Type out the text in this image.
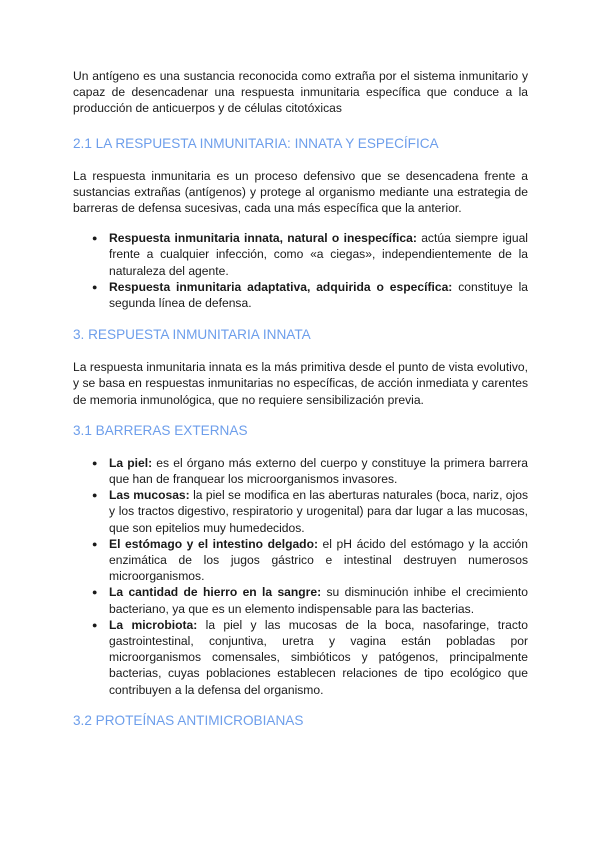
Un antígeno es una sustancia reconocida como extraña por el sistema inmunitario y capaz de desencadenar una respuesta inmunitaria específica que conduce a la producción de anticuerpos y de células citotóxicas

2.1 LA RESPUESTA INMUNITARIA: INNATA Y ESPECÍFICA

La respuesta inmunitaria es un proceso defensivo que se desencadena frente a sustancias extrañas (antígenos) y protege al organismo mediante una estrategia de barreras de defensa sucesivas, cada una más específica que la anterior.

● Respuesta inmunitaria innata, natural o inespecífica: actúa siempre igual frente a cualquier infección, como «a ciegas», independientemente de la naturaleza del agente.
● Respuesta inmunitaria adaptativa, adquirida o específica: constituye la segunda línea de defensa.
3. RESPUESTA INMUNITARIA INNATA

La respuesta inmunitaria innata es la más primitiva desde el punto de vista evolutivo, y se basa en respuestas inmunitarias no específicas, de acción inmediata y carentes de memoria inmunológica, que no requiere sensibilización previa.

3.1 BARRERAS EXTERNAS
● La piel: es el órgano más externo del cuerpo y constituye la primera barrera que han de franquear los microorganismos invasores.
● Las mucosas: la piel se modifica en las aberturas naturales (boca, nariz, ojos y los tractos digestivo, respiratorio y urogenital) para dar lugar a las mucosas, que son epitelios muy humedecidos.
● El estómago y el intestino delgado: el pH ácido del estómago y la acción enzimática de los jugos gástrico e intestinal destruyen numerosos microorganismos.
● La cantidad de hierro en la sangre: su disminución inhibe el crecimiento bacteriano, ya que es un elemento indispensable para las bacterias.
● La microbiota: la piel y las mucosas de la boca, nasofaringe, tracto gastrointestinal, conjuntiva, uretra y vagina están pobladas por microorganismos comensales, simbióticos y patógenos, principalmente bacterias, cuyas poblaciones establecen relaciones de tipo ecológico que contribuyen a la defensa del organismo.
3.2 PROTEÍNAS ANTIMICROBIANAS
